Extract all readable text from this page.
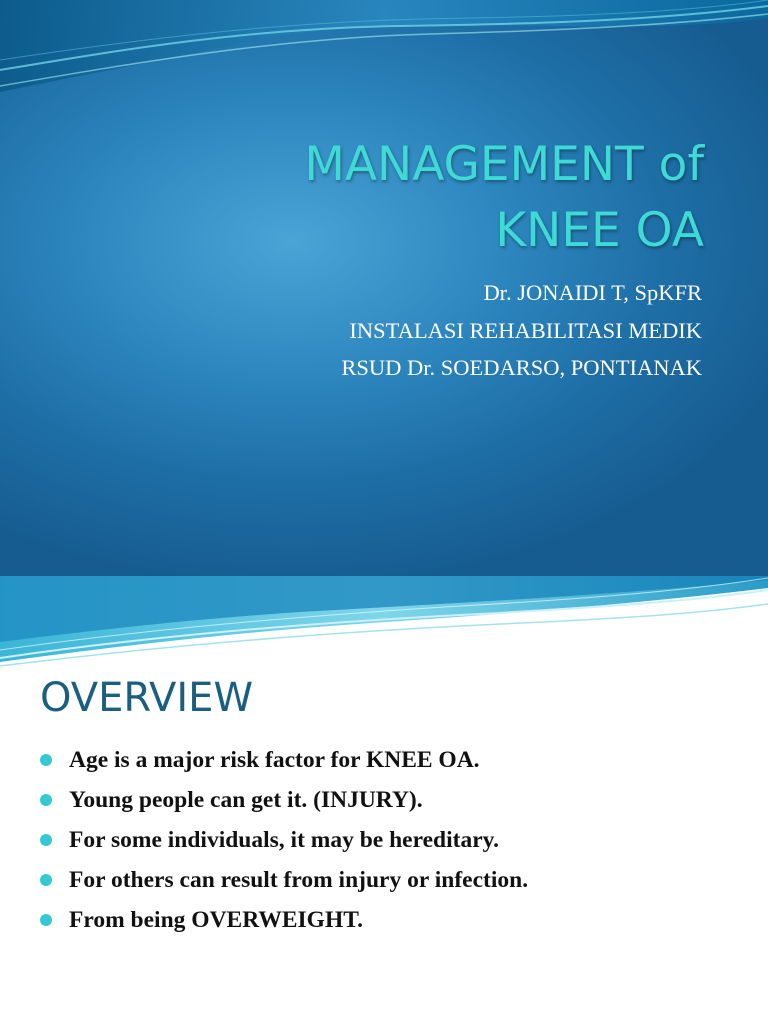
MANAGEMENT of
KNEE OA
Dr. JONAIDI T, SpKFR
INSTALASI REHABILITASI MEDIK
RSUD Dr. SOEDARSO, PONTIANAK
OVERVIEW
Age is a major risk factor for KNEE OA.
Young people can get it. (INJURY).
For some individuals, it may be hereditary.
For others can result from injury or infection.
From being OVERWEIGHT.
